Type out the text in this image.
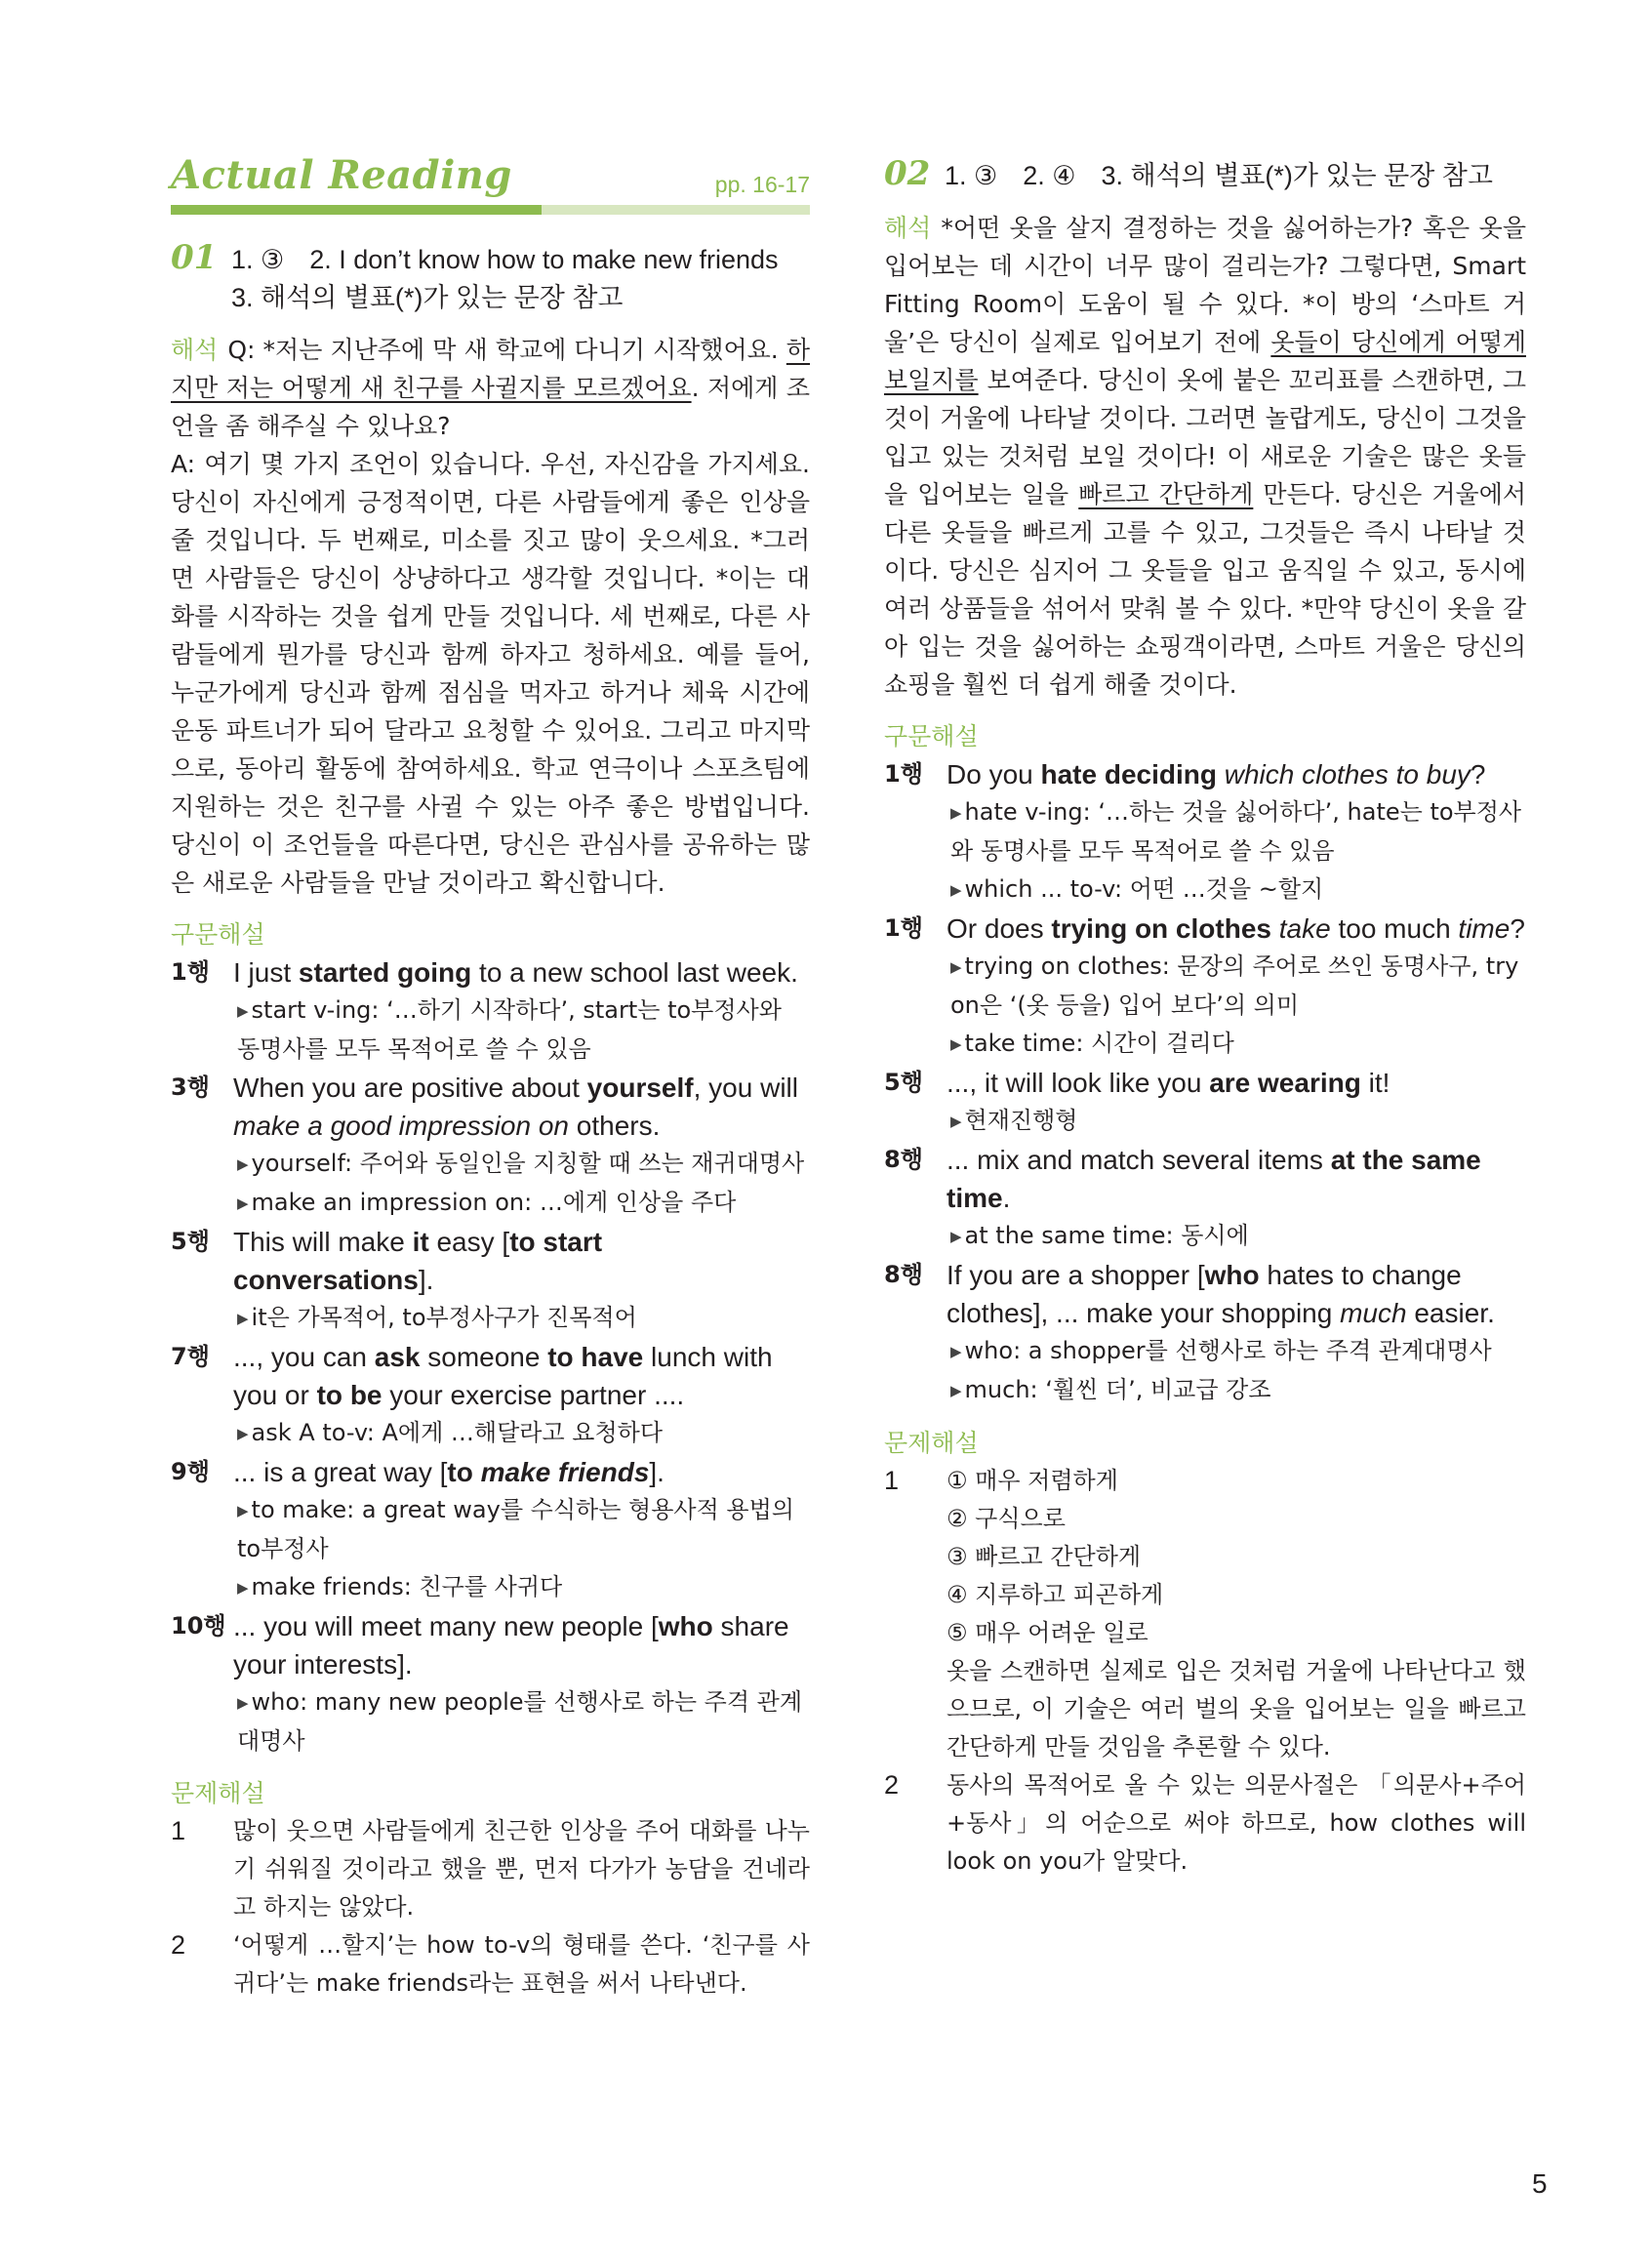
Actual Reading	pp. 16-17
01 1. ③ 2. I don’t know how to make new friends
3. 해석의 별표(*)가 있는 문장 참고
해석 Q: *저는 지난주에 막 새 학교에 다니기 시작했어요. 하지만 저는 어떻게 새 친구를 사귈지를 모르겠어요. 저에게 조언을 좀 해주실 수 있나요?
A: 여기 몇 가지 조언이 있습니다. 우선, 자신감을 가지세요. 당신이 자신에게 긍정적이면, 다른 사람들에게 좋은 인상을 줄 것입니다. 두 번째로, 미소를 짓고 많이 웃으세요. *그러면 사람들은 당신이 상냥하다고 생각할 것입니다. *이는 대화를 시작하는 것을 쉽게 만들 것입니다. 세 번째로, 다른 사람들에게 뭔가를 당신과 함께 하자고 청하세요. 예를 들어, 누군가에게 당신과 함께 점심을 먹자고 하거나 체육 시간에 운동 파트너가 되어 달라고 요청할 수 있어요. 그리고 마지막으로, 동아리 활동에 참여하세요. 학교 연극이나 스포츠팀에 지원하는 것은 친구를 사귈 수 있는 아주 좋은 방법입니다. 당신이 이 조언들을 따른다면, 당신은 관심사를 공유하는 많은 새로운 사람들을 만날 것이라고 확신합니다.
구문해설
1행 I just started going to a new school last week.
▶ start v-ing: ‘…하기 시작하다’, start는 to부정사와 동명사를 모두 목적어로 쓸 수 있음
3행 When you are positive about yourself, you will make a good impression on others.
▶ yourself: 주어와 동일인을 지칭할 때 쓰는 재귀대명사
▶ make an impression on: …에게 인상을 주다
5행 This will make it easy [to start conversations].
▶ it은 가목적어, to부정사구가 진목적어
7행 ..., you can ask someone to have lunch with you or to be your exercise partner ....
▶ ask A to-v: A에게 …해달라고 요청하다
9행 ... is a great way [to make friends].
▶ to make: a great way를 수식하는 형용사적 용법의 to부정사
▶ make friends: 친구를 사귀다
10행 ... you will meet many new people [who share your interests].
▶ who: many new people를 선행사로 하는 주격 관계대명사
문제해설
1	많이 웃으면 사람들에게 친근한 인상을 주어 대화를 나누기 쉬워질 것이라고 했을 뿐, 먼저 다가가 농담을 건네라고 하지는 않았다.
2	‘어떻게 …할지’는 how to-v의 형태를 쓴다. ‘친구를 사귀다’는 make friends라는 표현을 써서 나타낸다.
02 1. ③ 2. ④ 3. 해석의 별표(*)가 있는 문장 참고
해석 *어떤 옷을 살지 결정하는 것을 싫어하는가? 혹은 옷을 입어보는 데 시간이 너무 많이 걸리는가? 그렇다면, Smart Fitting Room이 도움이 될 수 있다. *이 방의 ‘스마트 거울’은 당신이 실제로 입어보기 전에 옷들이 당신에게 어떻게 보일지를 보여준다. 당신이 옷에 붙은 꼬리표를 스캔하면, 그것이 거울에 나타날 것이다. 그러면 놀랍게도, 당신이 그것을 입고 있는 것처럼 보일 것이다! 이 새로운 기술은 많은 옷들을 입어보는 일을 빠르고 간단하게 만든다. 당신은 거울에서 다른 옷들을 빠르게 고를 수 있고, 그것들은 즉시 나타날 것이다. 당신은 심지어 그 옷들을 입고 움직일 수 있고, 동시에 여러 상품들을 섞어서 맞춰 볼 수 있다. *만약 당신이 옷을 갈아 입는 것을 싫어하는 쇼핑객이라면, 스마트 거울은 당신의 쇼핑을 훨씬 더 쉽게 해줄 것이다.
구문해설
1행 Do you hate deciding which clothes to buy?
▶ hate v-ing: ‘…하는 것을 싫어하다’, hate는 to부정사와 동명사를 모두 목적어로 쓸 수 있음
▶ which ... to-v: 어떤 …것을 ~할지
1행 Or does trying on clothes take too much time?
▶ trying on clothes: 문장의 주어로 쓰인 동명사구, try on은 ‘(옷 등을) 입어 보다’의 의미
▶ take time: 시간이 걸리다
5행 ..., it will look like you are wearing it!
▶ 현재진행형
8행 ... mix and match several items at the same time.
▶ at the same time: 동시에
8행 If you are a shopper [who hates to change clothes], ... make your shopping much easier.
▶ who: a shopper를 선행사로 하는 주격 관계대명사
▶ much: ‘훨씬 더’, 비교급 강조
문제해설
1	① 매우 저렴하게
② 구식으로
③ 빠르고 간단하게
④ 지루하고 피곤하게
⑤ 매우 어려운 일로
옷을 스캔하면 실제로 입은 것처럼 거울에 나타난다고 했으므로, 이 기술은 여러 벌의 옷을 입어보는 일을 빠르고 간단하게 만들 것임을 추론할 수 있다.
2	동사의 목적어로 올 수 있는 의문사절은 「의문사+주어+동사」의 어순으로 써야 하므로, how clothes will look on you가 알맞다.
5
